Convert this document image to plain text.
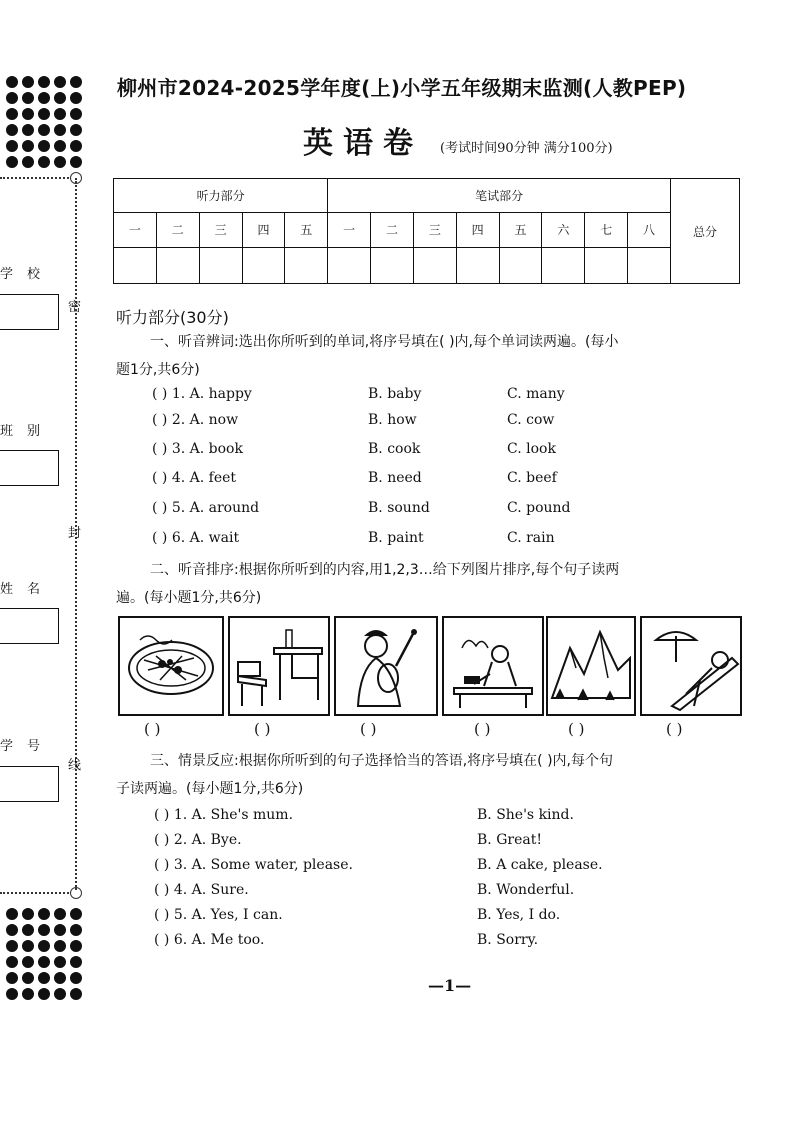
学校
班别
姓名
学号
密
封
线
柳州市2024-2025学年度(上)小学五年级期末监测(人教PEP)
英语卷 (考试时间90分钟 满分100分)
听力部分					笔试部分								总分
一	二	三	四	五	一	二	三	四	五	六	七	八	

听力部分(30分)
一、听音辨词:选出你所听到的单词,将序号填在( )内,每个单词读两遍。(每小
题1分,共6分)
( ) 1. A. happy	B. baby	C. many
( ) 2. A. now	B. how	C. cow
( ) 3. A. book	B. cook	C. look
( ) 4. A. feet	B. need	C. beef
( ) 5. A. around	B. sound	C. pound
( ) 6. A. wait	B. paint	C. rain
二、听音排序:根据你所听到的内容,用1,2,3…给下列图片排序,每个句子读两
遍。(每小题1分,共6分)
( )	( )	( )	( )	( )	( )
三、情景反应:根据你所听到的句子选择恰当的答语,将序号填在( )内,每个句
子读两遍。(每小题1分,共6分)
( ) 1. A. She's mum.	B. She's kind.
( ) 2. A. Bye.	B. Great!
( ) 3. A. Some water, please.	B. A cake, please.
( ) 4. A. Sure.	B. Wonderful.
( ) 5. A. Yes, I can.	B. Yes, I do.
( ) 6. A. Me too.	B. Sorry.
—1—
